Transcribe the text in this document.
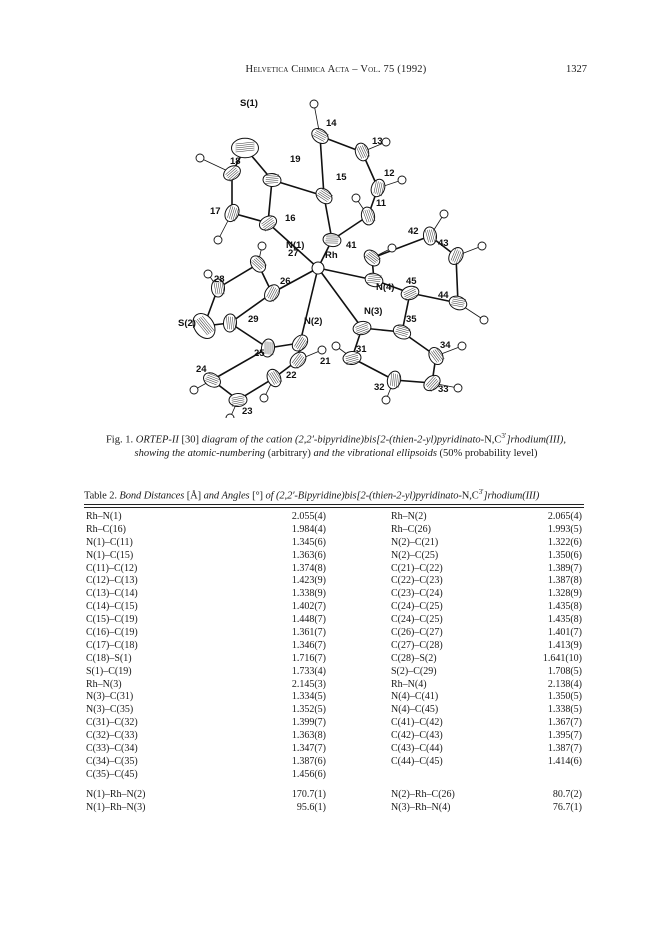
Helvetica Chimica Acta – Vol. 75 (1992)	1327
S(1)
14
13
12
18	19
15
11
17
16
N(1)	41
42
43
27	Rh
N(4)
28	26	45
44
S(2)	29	N(2)
N(3)
35
34
25
21
31
24
22
32	33
23
Fig. 1. ORTEP-II [30] diagram of the cation $(2,2'-bipyridine)bis[2-(thien-2-yl)pyridinato-N,C^{3'}]rhodium(III)$,
showing the atomic-numbering (arbitrary) and the vibrational ellipsoids (50% probability level)
Table 2. Bond Distances [Å] and Angles [°] of $(2,2'-Bipyridine)bis[2-(thien-2-yl)pyridinato-N,C^{3'}]rhodium(III)$
Rh–N(1)	2.055(4)	Rh–N(2)	2.065(4)
Rh–C(16)	1.984(4)	Rh–C(26)	1.993(5)
N(1)–C(11)	1.345(6)	N(2)–C(21)	1.322(6)
N(1)–C(15)	1.363(6)	N(2)–C(25)	1.350(6)
C(11)–C(12)	1.374(8)	C(21)–C(22)	1.389(7)
C(12)–C(13)	1.423(9)	C(22)–C(23)	1.387(8)
C(13)–C(14)	1.338(9)	C(23)–C(24)	1.328(9)
C(14)–C(15)	1.402(7)	C(24)–C(25)	1.435(8)
C(15)–C(19)	1.448(7)	C(24)–C(25)	1.435(8)
C(16)–C(19)	1.361(7)	C(26)–C(27)	1.401(7)
C(17)–C(18)	1.346(7)	C(27)–C(28)	1.413(9)
C(18)–S(1)	1.716(7)	C(28)–S(2)	1.641(10)
S(1)–C(19)	1.733(4)	S(2)–C(29)	1.708(5)
Rh–N(3)	2.145(3)	Rh–N(4)	2.138(4)
N(3)–C(31)	1.334(5)	N(4)–C(41)	1.350(5)
N(3)–C(35)	1.352(5)	N(4)–C(45)	1.338(5)
C(31)–C(32)	1.399(7)	C(41)–C(42)	1.367(7)
C(32)–C(33)	1.363(8)	C(42)–C(43)	1.395(7)
C(33)–C(34)	1.347(7)	C(43)–C(44)	1.387(7)
C(34)–C(35)	1.387(6)	C(44)–C(45)	1.414(6)
C(35)–C(45)	1.456(6)
N(1)–Rh–N(2)	170.7(1)	N(2)–Rh–C(26)	80.7(2)
N(1)–Rh–N(3)	95.6(1)	N(3)–Rh–N(4)	76.7(1)
